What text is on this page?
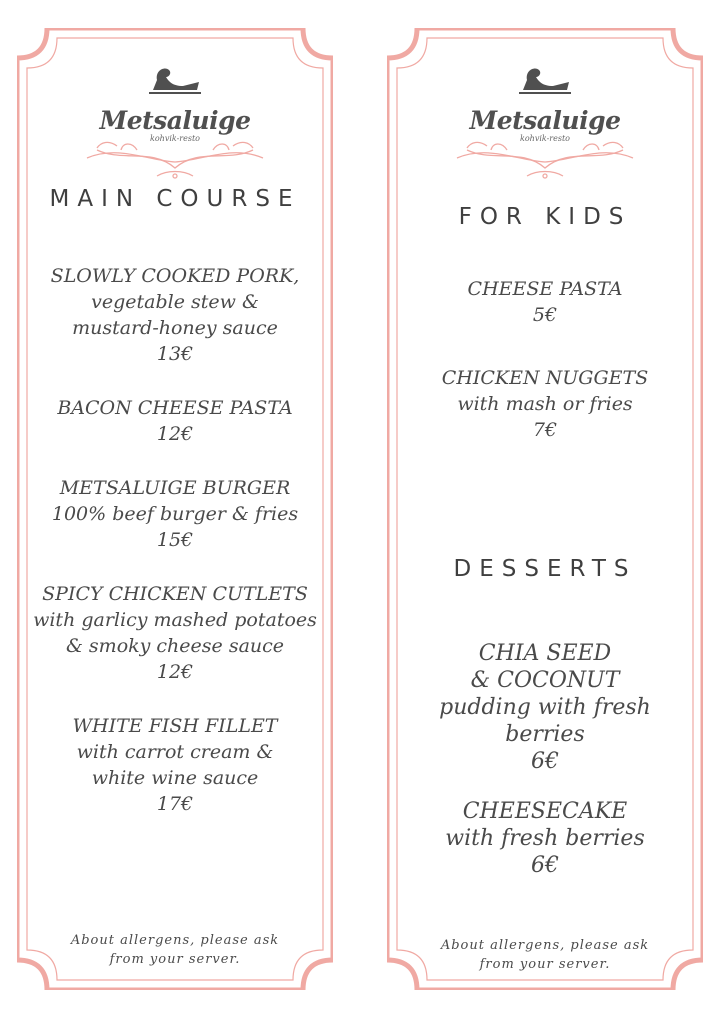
Metsaluige
kohvik-resto
MAIN COURSE
SLOWLY COOKED PORK,
vegetable stew &
mustard-honey sauce
13€
BACON CHEESE PASTA
12€
METSALUIGE BURGER
100% beef burger & fries
15€
SPICY CHICKEN CUTLETS
with garlicy mashed potatoes
& smoky cheese sauce
12€
WHITE FISH FILLET
with carrot cream &
white wine sauce
17€
About allergens, please ask
from your server.
Metsaluige
kohvik-resto
FOR KIDS
CHEESE PASTA
5€
CHICKEN NUGGETS
with mash or fries
7€
DESSERTS
CHIA SEED
& COCONUT
pudding with fresh
berries
6€
CHEESECAKE
with fresh berries
6€
About allergens, please ask
from your server.
